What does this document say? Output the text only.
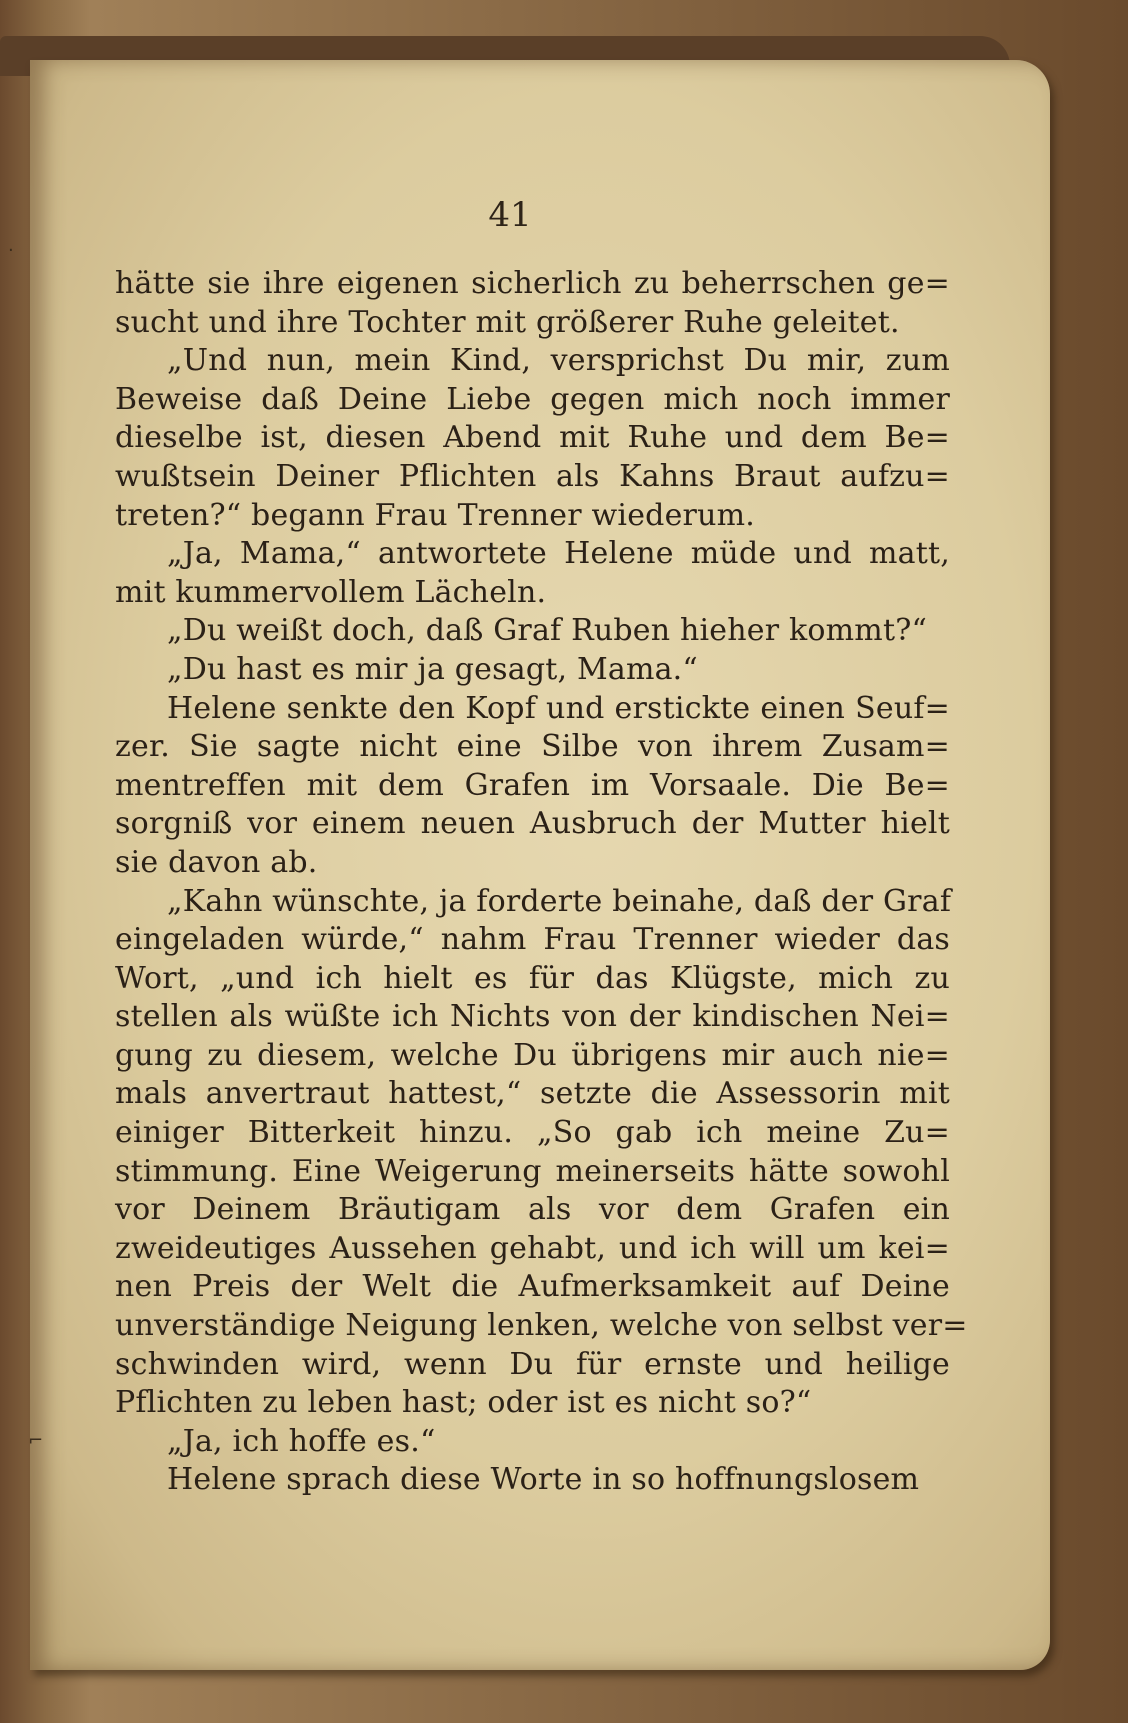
41
hätte sie ihre eigenen sicherlich zu beherrschen ge=
sucht und ihre Tochter mit größerer Ruhe geleitet.
„Und nun, mein Kind, versprichst Du mir, zum
Beweise daß Deine Liebe gegen mich noch immer
dieselbe ist, diesen Abend mit Ruhe und dem Be=
wußtsein Deiner Pflichten als Kahns Braut aufzu=
treten?“ begann Frau Trenner wiederum.
„Ja, Mama,“ antwortete Helene müde und matt,
mit kummervollem Lächeln.
„Du weißt doch, daß Graf Ruben hieher kommt?“
„Du hast es mir ja gesagt, Mama.“
Helene senkte den Kopf und erstickte einen Seuf=
zer. Sie sagte nicht eine Silbe von ihrem Zusam=
mentreffen mit dem Grafen im Vorsaale. Die Be=
sorgniß vor einem neuen Ausbruch der Mutter hielt
sie davon ab.
„Kahn wünschte, ja forderte beinahe, daß der Graf
eingeladen würde,“ nahm Frau Trenner wieder das
Wort, „und ich hielt es für das Klügste, mich zu
stellen als wüßte ich Nichts von der kindischen Nei=
gung zu diesem, welche Du übrigens mir auch nie=
mals anvertraut hattest,“ setzte die Assessorin mit
einiger Bitterkeit hinzu. „So gab ich meine Zu=
stimmung. Eine Weigerung meinerseits hätte sowohl
vor Deinem Bräutigam als vor dem Grafen ein
zweideutiges Aussehen gehabt, und ich will um kei=
nen Preis der Welt die Aufmerksamkeit auf Deine
unverständige Neigung lenken, welche von selbst ver=
schwinden wird, wenn Du für ernste und heilige
Pflichten zu leben hast; oder ist es nicht so?“
„Ja, ich hoffe es.“
Helene sprach diese Worte in so hoffnungslosem
·
⌐
